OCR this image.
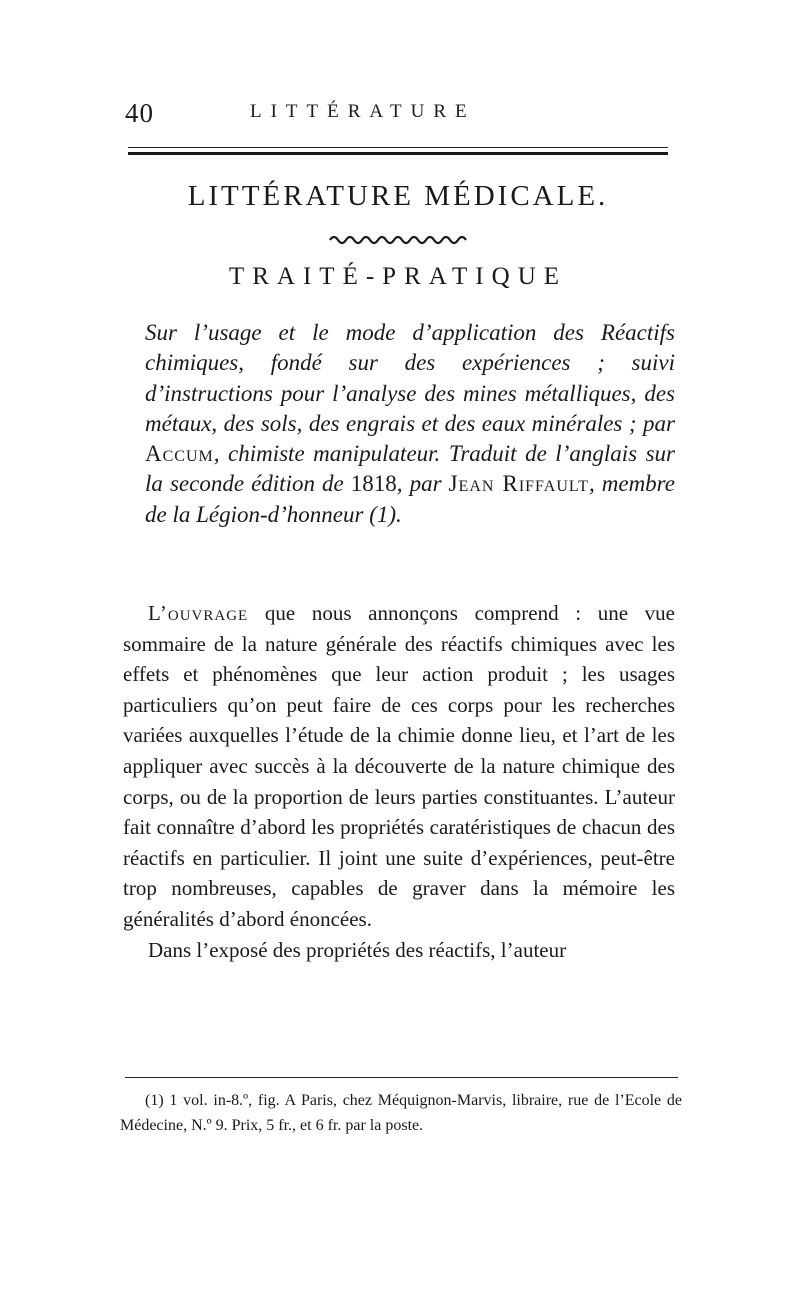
40	LITTÉRATURE
LITTÉRATURE MÉDICALE.
TRAITÉ-PRATIQUE
Sur l’usage et le mode d’application des Réactifs chimiques, fondé sur des expériences ; suivi d’instructions pour l’analyse des mines métalliques, des métaux, des sols, des engrais et des eaux minérales ; par Accum, chimiste manipulateur. Traduit de l’anglais sur la seconde édition de 1818, par Jean Riffault, membre de la Légion-d’honneur (1).

L’ouvrage que nous annonçons comprend : une vue sommaire de la nature générale des réactifs chimiques avec les effets et phénomènes que leur action produit ; les usages particuliers qu’on peut faire de ces corps pour les recherches variées auxquelles l’étude de la chimie donne lieu, et l’art de les appliquer avec succès à la découverte de la nature chimique des corps, ou de la proportion de leurs parties constituantes. L’auteur fait connaître d’abord les propriétés caratéristiques de chacun des réactifs en particulier. Il joint une suite d’expériences, peut-être trop nombreuses, capables de graver dans la mémoire les généralités d’abord énoncées.

Dans l’exposé des propriétés des réactifs, l’auteur

(1) 1 vol. in-8.º, fig. A Paris, chez Méquignon-Marvis, libraire, rue de l’Ecole de Médecine, N.º 9. Prix, 5 fr., et 6 fr. par la poste.
